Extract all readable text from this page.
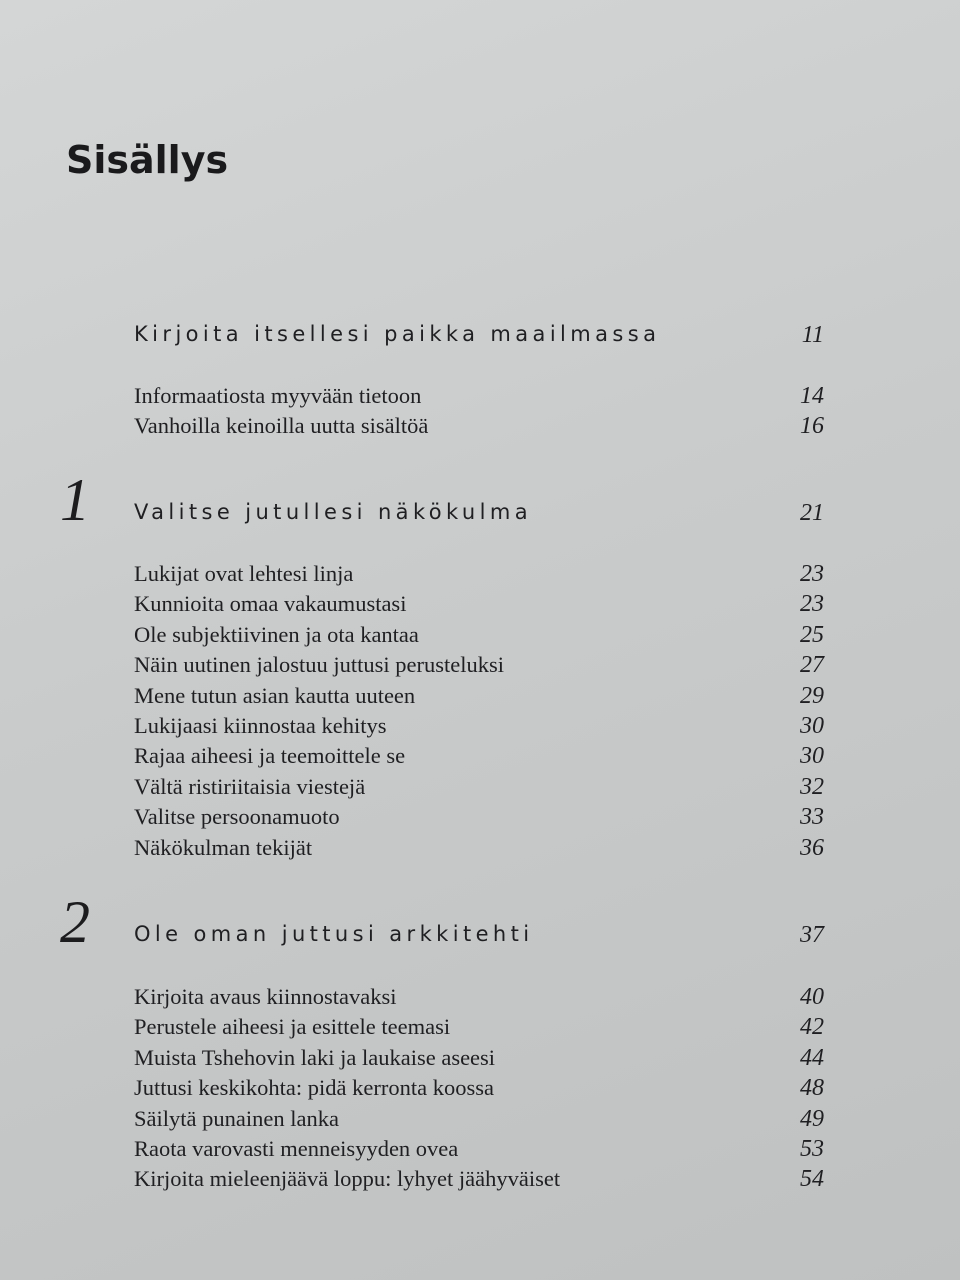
Sisällys
Kirjoita itsellesi paikka maailmassa	11
Informaatiosta myyvään tietoon	14
Vanhoilla keinoilla uutta sisältöä	16
1 Valitse jutullesi näkökulma	21
Lukijat ovat lehtesi linja	23
Kunnioita omaa vakaumustasi	23
Ole subjektiivinen ja ota kantaa	25
Näin uutinen jalostuu juttusi perusteluksi	27
Mene tutun asian kautta uuteen	29
Lukijaasi kiinnostaa kehitys	30
Rajaa aiheesi ja teemoittele se	30
Vältä ristiriitaisia viestejä	32
Valitse persoonamuoto	33
Näkökulman tekijät	36
2 Ole oman juttusi arkkitehti	37
Kirjoita avaus kiinnostavaksi	40
Perustele aiheesi ja esittele teemasi	42
Muista Tshehovin laki ja laukaise aseesi	44
Juttusi keskikohta: pidä kerronta koossa	48
Säilytä punainen lanka	49
Raota varovasti menneisyyden ovea	53
Kirjoita mieleenjäävä loppu: lyhyet jäähyväiset	54
